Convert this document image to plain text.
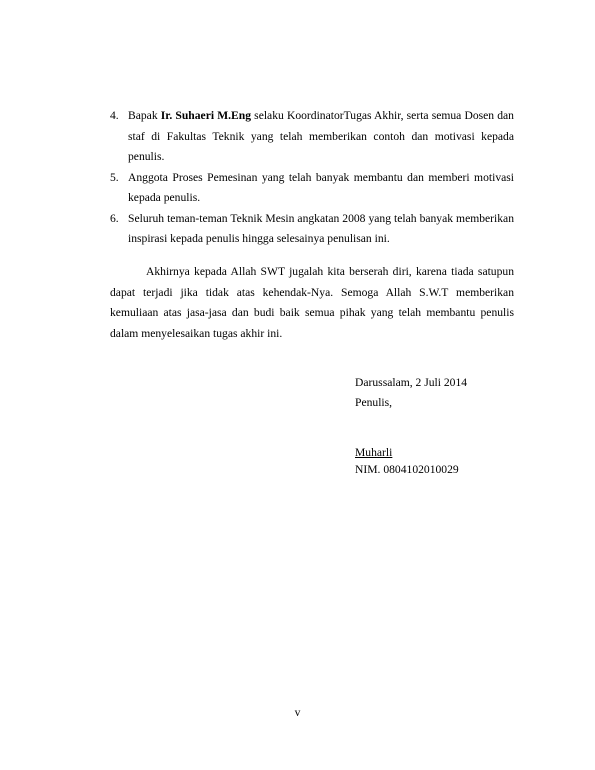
4. Bapak Ir. Suhaeri M.Eng selaku KoordinatorTugas Akhir, serta semua Dosen dan staf di Fakultas Teknik yang telah memberikan contoh dan motivasi kepada penulis.
5. Anggota Proses Pemesinan yang telah banyak membantu dan memberi motivasi kepada penulis.
6. Seluruh teman-teman Teknik Mesin angkatan 2008 yang telah banyak memberikan inspirasi kepada penulis hingga selesainya penulisan ini.

Akhirnya kepada Allah SWT jugalah kita berserah diri, karena tiada satupun dapat terjadi jika tidak atas kehendak-Nya. Semoga Allah S.W.T memberikan kemuliaan atas jasa-jasa dan budi baik semua pihak yang telah membantu penulis dalam menyelesaikan tugas akhir ini.

Darussalam, 2 Juli 2014
Penulis,
Muharli
NIM. 0804102010029
v
